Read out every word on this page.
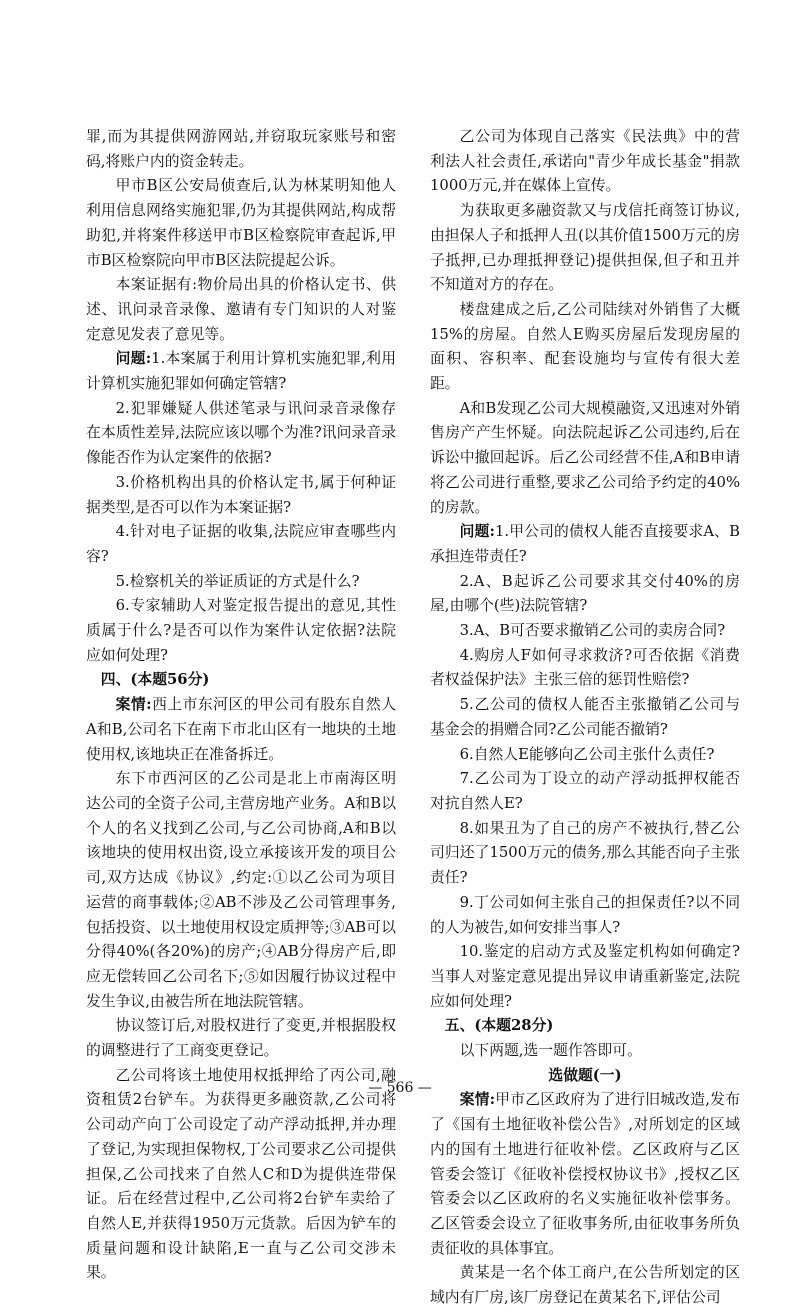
罪,而为其提供网游网站,并窃取玩家账号和密码,将账户内的资金转走。

甲市B区公安局侦查后,认为林某明知他人利用信息网络实施犯罪,仍为其提供网站,构成帮助犯,并将案件移送甲市B区检察院审查起诉,甲市B区检察院向甲市B区法院提起公诉。

本案证据有:物价局出具的价格认定书、供述、讯问录音录像、邀请有专门知识的人对鉴定意见发表了意见等。

问题:1.本案属于利用计算机实施犯罪,利用计算机实施犯罪如何确定管辖?

2.犯罪嫌疑人供述笔录与讯问录音录像存在本质性差异,法院应该以哪个为准?讯问录音录像能否作为认定案件的依据?

3.价格机构出具的价格认定书,属于何种证据类型,是否可以作为本案证据?

4.针对电子证据的收集,法院应审查哪些内容?

5.检察机关的举证质证的方式是什么?

6.专家辅助人对鉴定报告提出的意见,其性质属于什么?是否可以作为案件认定依据?法院应如何处理?

四、(本题56分)

案情:西上市东河区的甲公司有股东自然人A和B,公司名下在南下市北山区有一地块的土地使用权,该地块正在准备拆迁。

东下市西河区的乙公司是北上市南海区明达公司的全资子公司,主营房地产业务。A和B以个人的名义找到乙公司,与乙公司协商,A和B以该地块的使用权出资,设立承接该开发的项目公司,双方达成《协议》,约定:①以乙公司为项目运营的商事载体;②AB不涉及乙公司管理事务,包括投资、以土地使用权设定质押等;③AB可以分得40%(各20%)的房产;④AB分得房产后,即应无偿转回乙公司名下;⑤如因履行协议过程中发生争议,由被告所在地法院管辖。

协议签订后,对股权进行了变更,并根据股权的调整进行了工商变更登记。

乙公司将该土地使用权抵押给了丙公司,融资租赁2台铲车。为获得更多融资款,乙公司将公司动产向丁公司设定了动产浮动抵押,并办理了登记,为实现担保物权,丁公司要求乙公司提供担保,乙公司找来了自然人C和D为提供连带保证。后在经营过程中,乙公司将2台铲车卖给了自然人E,并获得1950万元货款。后因为铲车的质量问题和设计缺陷,E一直与乙公司交涉未果。

乙公司为体现自己落实《民法典》中的营利法人社会责任,承诺向"青少年成长基金"捐款1000万元,并在媒体上宣传。

为获取更多融资款又与戊信托商签订协议,由担保人子和抵押人丑(以其价值1500万元的房子抵押,已办理抵押登记)提供担保,但子和丑并不知道对方的存在。

楼盘建成之后,乙公司陆续对外销售了大概15%的房屋。自然人E购买房屋后发现房屋的面积、容积率、配套设施均与宣传有很大差距。

A和B发现乙公司大规模融资,又迅速对外销售房产产生怀疑。向法院起诉乙公司违约,后在诉讼中撤回起诉。后乙公司经营不佳,A和B申请将乙公司进行重整,要求乙公司给予约定的40%的房款。

问题:1.甲公司的债权人能否直接要求A、B承担连带责任?

2.A、B起诉乙公司要求其交付40%的房屋,由哪个(些)法院管辖?

3.A、B可否要求撤销乙公司的卖房合同?

4.购房人F如何寻求救济?可否依据《消费者权益保护法》主张三倍的惩罚性赔偿?

5.乙公司的债权人能否主张撤销乙公司与基金会的捐赠合同?乙公司能否撤销?

6.自然人E能够向乙公司主张什么责任?

7.乙公司为丁设立的动产浮动抵押权能否对抗自然人E?

8.如果丑为了自己的房产不被执行,替乙公司归还了1500万元的债务,那么其能否向子主张责任?

9.丁公司如何主张自己的担保责任?以不同的人为被告,如何安排当事人?

10.鉴定的启动方式及鉴定机构如何确定?当事人对鉴定意见提出异议申请重新鉴定,法院应如何处理?

五、(本题28分)

以下两题,选一题作答即可。

选做题(一)

案情:甲市乙区政府为了进行旧城改造,发布了《国有土地征收补偿公告》,对所划定的区域内的国有土地进行征收补偿。乙区政府与乙区管委会签订《征收补偿授权协议书》,授权乙区管委会以乙区政府的名义实施征收补偿事务。乙区管委会设立了征收事务所,由征收事务所负责征收的具体事宜。

黄某是一名个体工商户,在公告所划定的区域内有厂房,该厂房登记在黄某名下,评估公司

— 566 —
